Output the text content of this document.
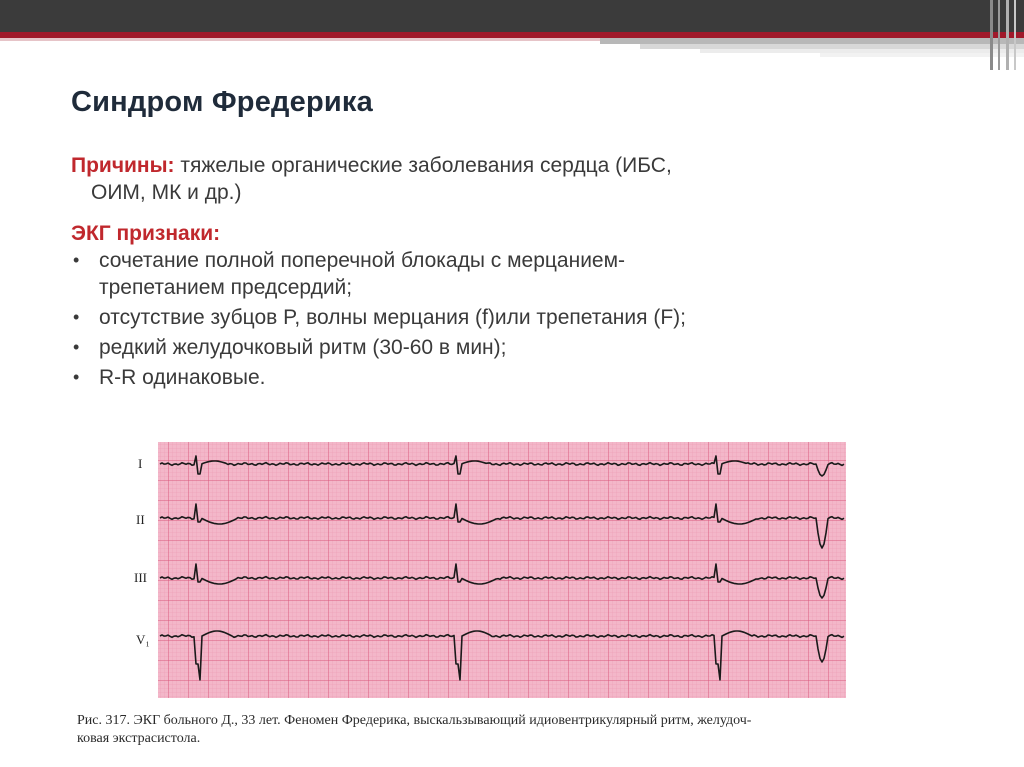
Синдром Фредерика
Причины: тяжелые органические заболевания сердца (ИБС,
ОИМ, МК и др.)
ЭКГ признаки:
• сочетание полной поперечной блокады с мерцанием-
трепетанием предсердий;
• отсутствие зубцов P, волны мерцания (f)или трепетания (F);
• редкий желудочковый ритм (30-60 в мин);
• R-R одинаковые.
I
II
III
V₁
Рис. 317. ЭКГ больного Д., 33 лет. Феномен Фредерика, выскальзывающий идиовентрикулярный ритм, желудоч-
ковая экстрасистола.
